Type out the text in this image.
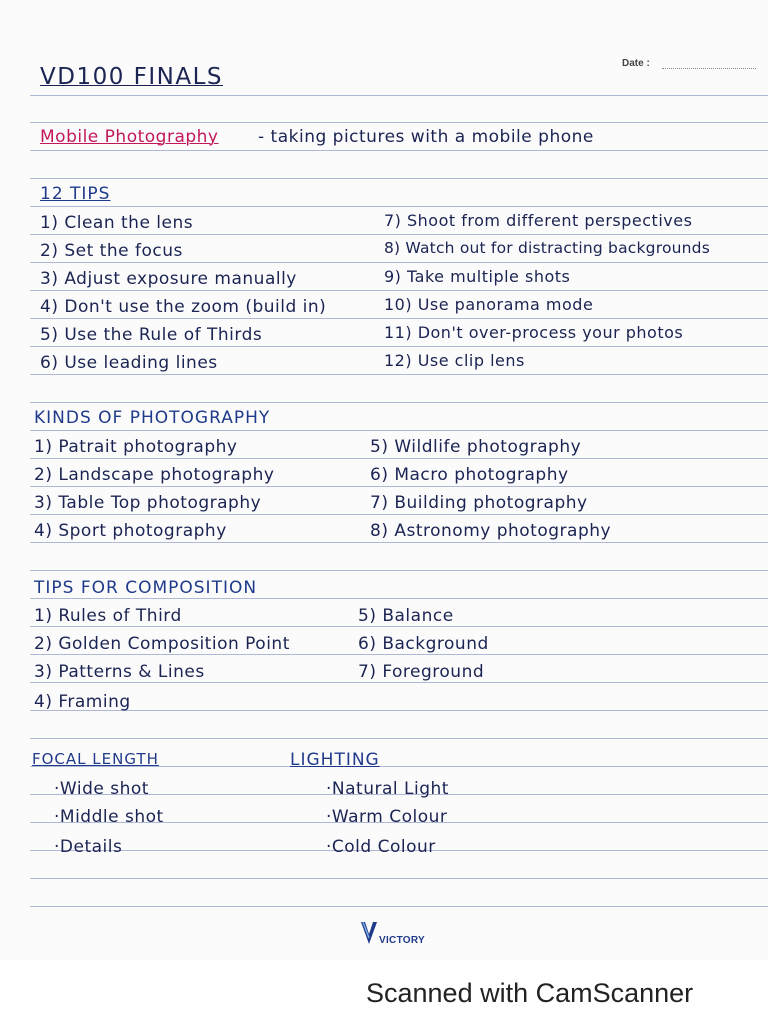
Date :
VD100 FINALS
Mobile Photography - taking pictures with a mobile phone
12 TIPS
1) Clean the lens
2) Set the focus
3) Adjust exposure manually
4) Don't use the zoom (build in)
5) Use the Rule of Thirds
6) Use leading lines
7) Shoot from different perspectives
8) Watch out for distracting backgrounds
9) Take multiple shots
10) Use panorama mode
11) Don't over-process your photos
12) Use clip lens
KINDS OF PHOTOGRAPHY
1) Patrait photography
2) Landscape photography
3) Table Top photography
4) Sport photography
5) Wildlife photography
6) Macro photography
7) Building photography
8) Astronomy photography
TIPS FOR COMPOSITION
1) Rules of Third
2) Golden Composition Point
3) Patterns & Lines
4) Framing
5) Balance
6) Background
7) Foreground
FOCAL LENGTH
·Wide shot
·Middle shot
·Details
LIGHTING
·Natural Light
·Warm Colour
·Cold Colour
VICTORY
Scanned with CamScanner
